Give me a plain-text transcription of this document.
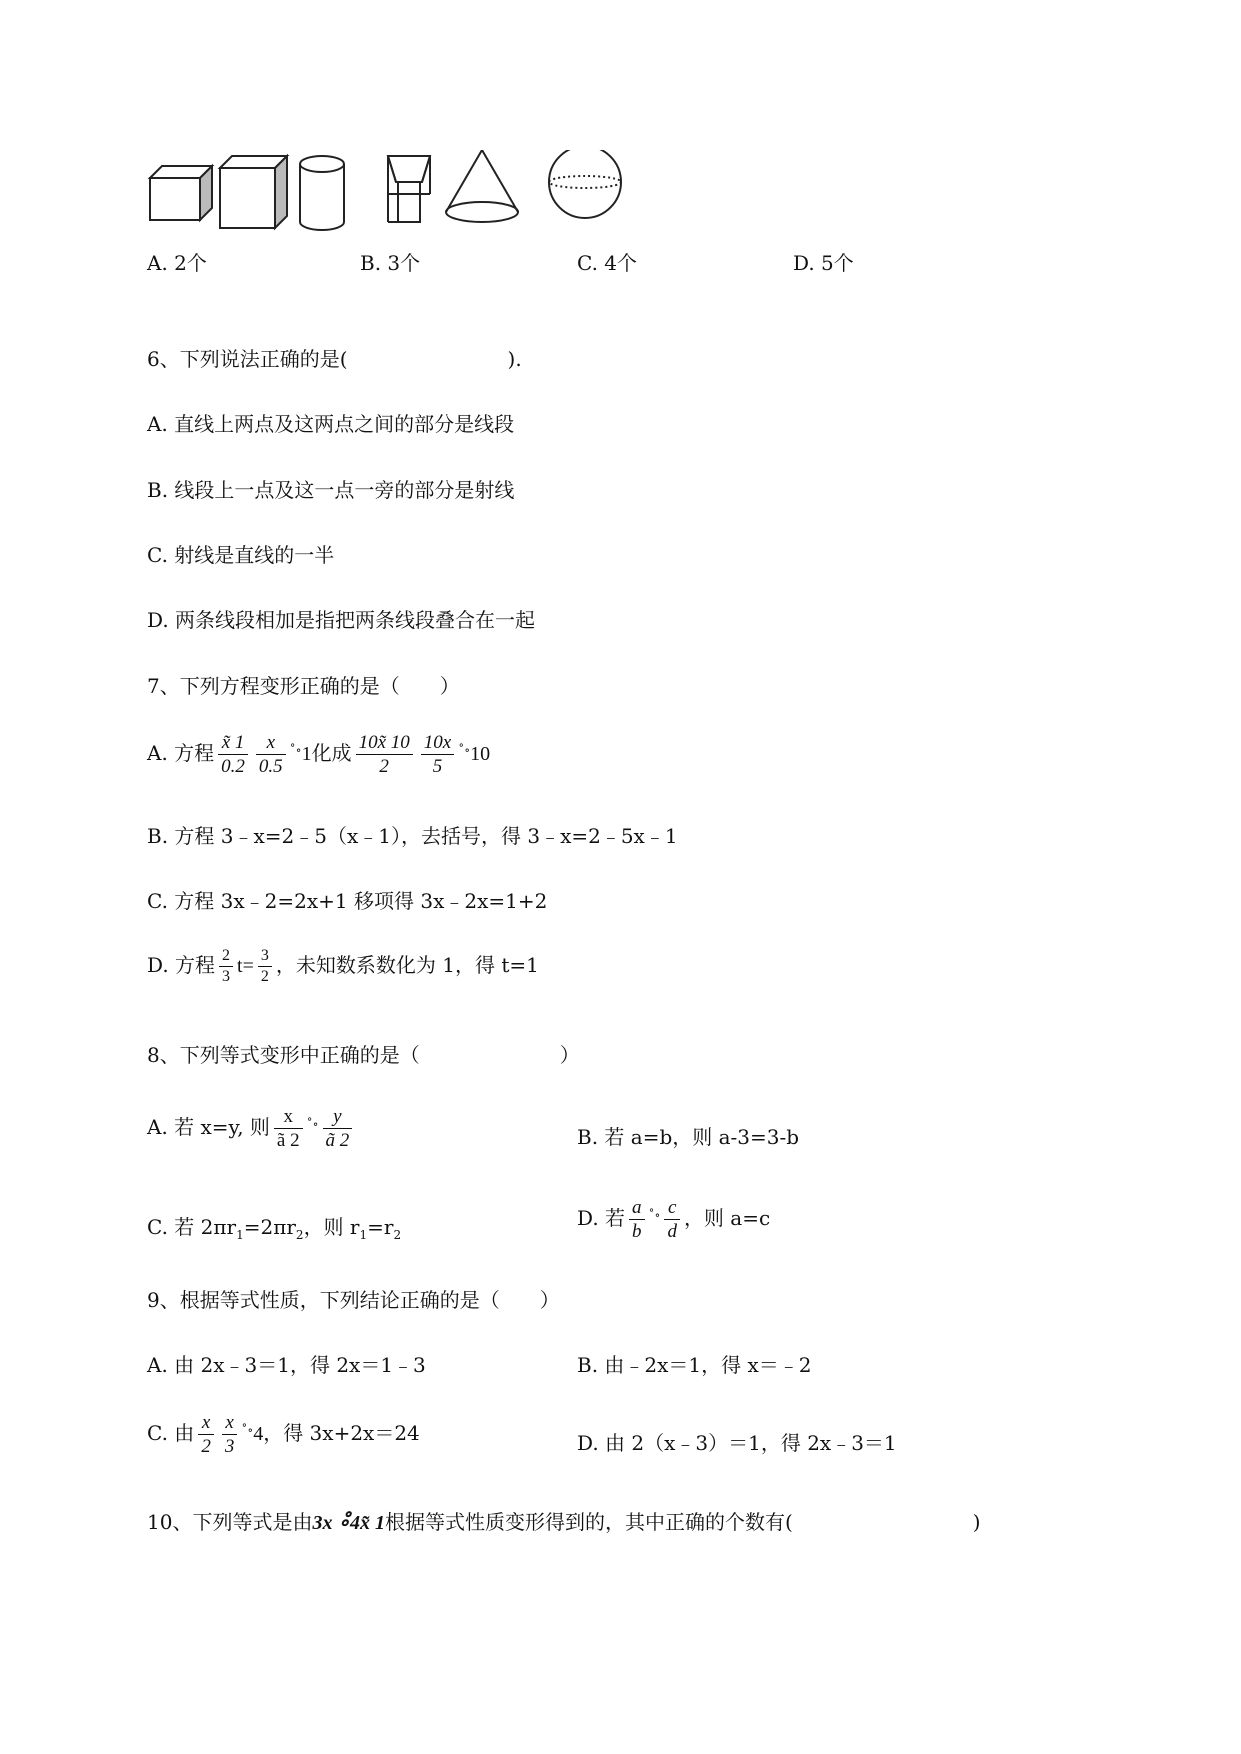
A. 2个	B. 3个	C. 4个	D. 5个
6、下列说法正确的是(　　　　　　　　).
A. 直线上两点及这两点之间的部分是线段
B. 线段上一点及这一点一旁的部分是射线
C. 射线是直线的一半
D. 两条线段相加是指把两条线段叠合在一起
7、下列方程变形正确的是（　　）
A. 方程 $\frac{x̃ 1}{0.2} \frac{x}{0.5} ^{˚\circ}1$化成 $\frac{10x̃ 10}{2} \frac{10x}{5} ^{˚\circ}10$
B. 方程 3﹣x=2﹣5（x﹣1），去括号，得 3﹣x=2﹣5x﹣1
C. 方程 3x﹣2=2x+1 移项得 3x﹣2x=1+2
D. 方程 $\frac{2}{3} t= \frac{3}{2}$ ，未知数系数化为 1，得 t=1
8、下列等式变形中正确的是（　　　　　　　）
A. 若 x=y, 则 $\frac{x}{ã 2} ^{˚\circ} \frac{y}{ã 2}$	B. 若 a=b，则 a-3=3-b
C. 若 $2\pi r_1=2\pi r_2$，则 $r_1=r_2$
D. 若 $\frac{a}{b} ^{˚\circ} \frac{c}{d}$ ，则 a=c
9、根据等式性质，下列结论正确的是（　　）
A. 由 2x﹣3＝1，得 2x＝1﹣3	B. 由﹣2x＝1，得 x＝﹣2
C. 由 $\frac{x}{2} \frac{x}{3} ^{˚\circ}4$，得 3x+2x＝24	D. 由 2（x﹣3）＝1，得 2x﹣3＝1
10、下列等式是由3x ∘̊4x̃ 1根据等式性质变形得到的，其中正确的个数有(　　　　　　　　　)
